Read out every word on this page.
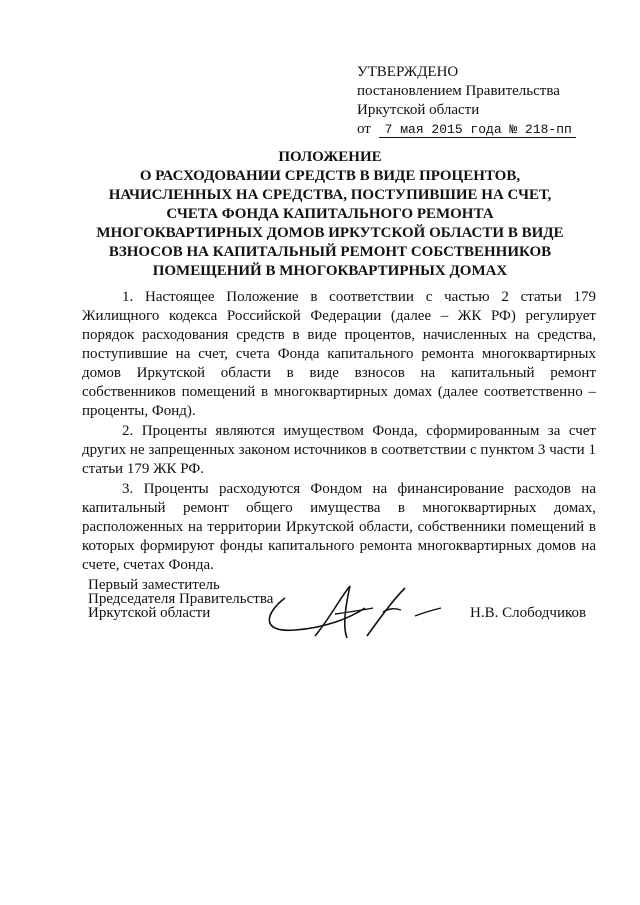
УТВЕРЖДЕНО
постановлением Правительства
Иркутской области
от 7 мая 2015 года № 218-пп
ПОЛОЖЕНИЕ
О РАСХОДОВАНИИ СРЕДСТВ В ВИДЕ ПРОЦЕНТОВ,
НАЧИСЛЕННЫХ НА СРЕДСТВА, ПОСТУПИВШИЕ НА СЧЕТ,
СЧЕТА ФОНДА КАПИТАЛЬНОГО РЕМОНТА
МНОГОКВАРТИРНЫХ ДОМОВ ИРКУТСКОЙ ОБЛАСТИ В ВИДЕ
ВЗНОСОВ НА КАПИТАЛЬНЫЙ РЕМОНТ СОБСТВЕННИКОВ
ПОМЕЩЕНИЙ В МНОГОКВАРТИРНЫХ ДОМАХ

1. Настоящее Положение в соответствии с частью 2 статьи 179 Жилищного кодекса Российской Федерации (далее – ЖК РФ) регулирует порядок расходования средств в виде процентов, начисленных на средства, поступившие на счет, счета Фонда капитального ремонта многоквартирных домов Иркутской области в виде взносов на капитальный ремонт собственников помещений в многоквартирных домах (далее соответственно – проценты, Фонд).

2. Проценты являются имуществом Фонда, сформированным за счет других не запрещенных законом источников в соответствии с пунктом 3 части 1 статьи 179 ЖК РФ.

3. Проценты расходуются Фондом на финансирование расходов на капитальный ремонт общего имущества в многоквартирных домах, расположенных на территории Иркутской области, собственники помещений в которых формируют фонды капитального ремонта многоквартирных домов на счете, счетах Фонда.

Первый заместитель
Председателя Правительства
Иркутской области	Н.В. Слободчиков
